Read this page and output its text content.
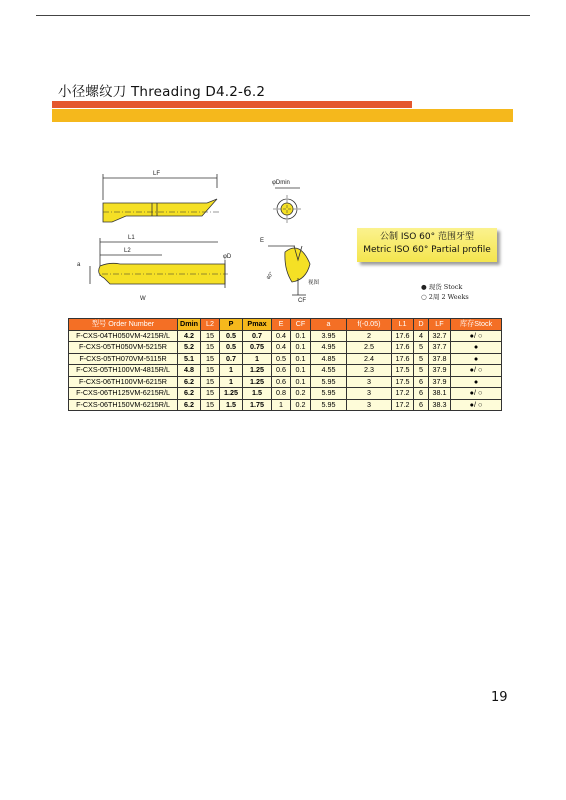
小径螺纹刀 Threading D4.2-6.2
LF
φDmin
L1
L2
a
φD
W
E
60°
CF
视图
公制 ISO 60° 范围牙型
Metric ISO 60° Partial profile
● 现货 Stock
○ 2周 2 Weeks
型号 Order Number	Dmin	L2	P	Pmax	E	CF	a	f(-0.05)	L1	D	LF	库存Stock
F-CXS-04TH050VM-4215R/L	4.2	15	0.5	0.7	0.4	0.1	3.95	2	17.6	4	32.7	●/ ○
F-CXS-05TH050VM-5215R	5.2	15	0.5	0.75	0.4	0.1	4.95	2.5	17.6	5	37.7	●
F-CXS-05TH070VM-5115R	5.1	15	0.7	1	0.5	0.1	4.85	2.4	17.6	5	37.8	●
F-CXS-05TH100VM-4815R/L	4.8	15	1	1.25	0.6	0.1	4.55	2.3	17.5	5	37.9	●/ ○
F-CXS-06TH100VM-6215R	6.2	15	1	1.25	0.6	0.1	5.95	3	17.5	6	37.9	●
F-CXS-06TH125VM-6215R/L	6.2	15	1.25	1.5	0.8	0.2	5.95	3	17.2	6	38.1	●/ ○
F-CXS-06TH150VM-6215R/L	6.2	15	1.5	1.75	1	0.2	5.95	3	17.2	6	38.3	●/ ○
19
